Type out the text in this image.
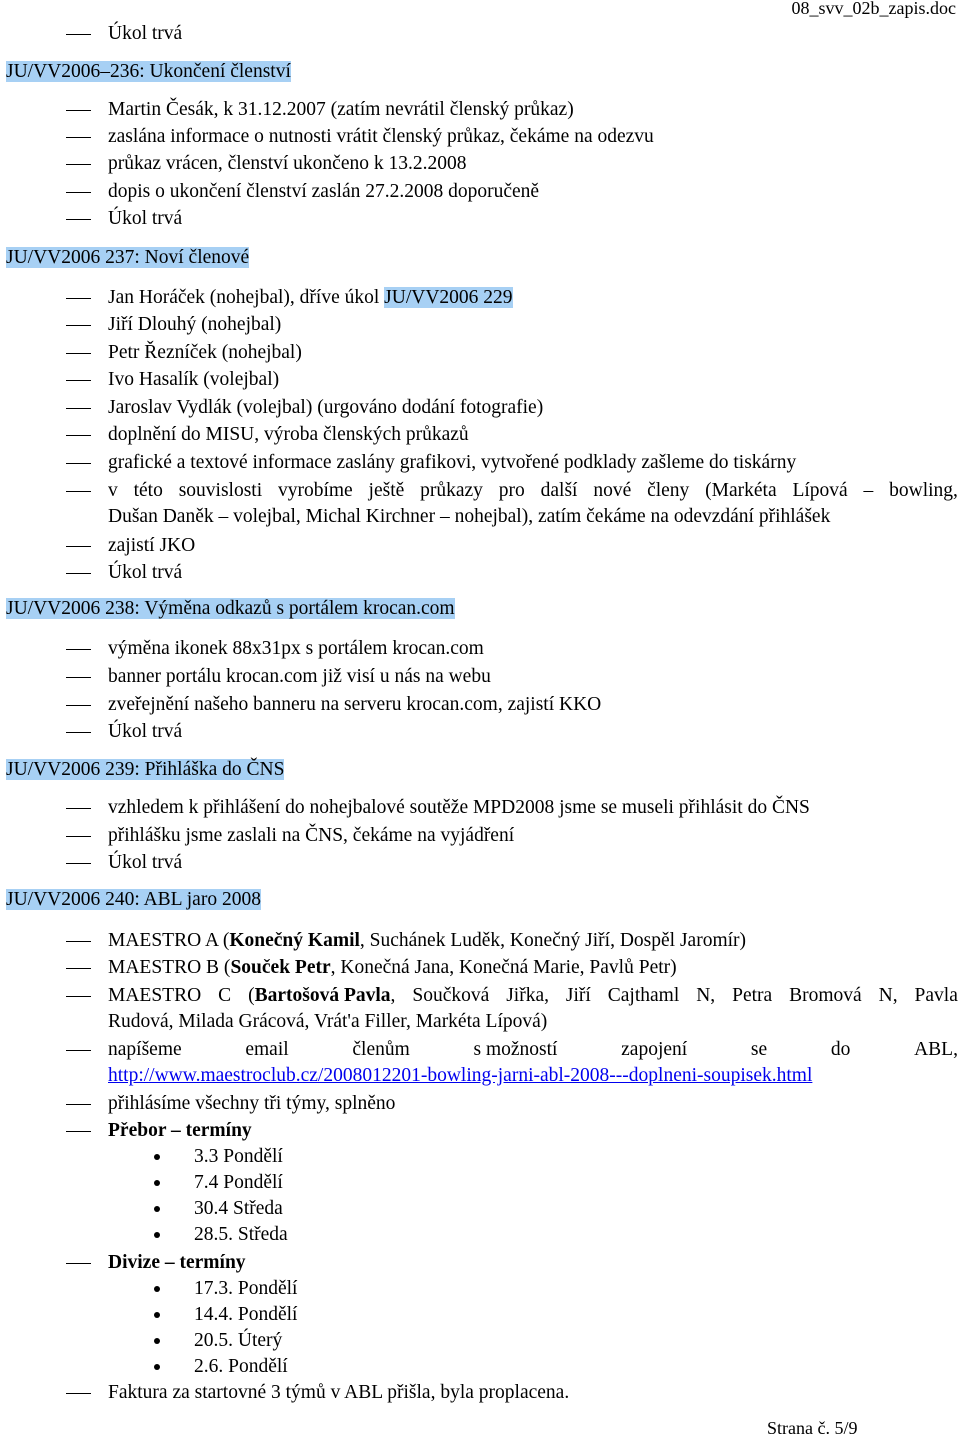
08_svv_02b_zapis.doc
Úkol trvá
JU/VV2006–236: Ukončení členství
Martin Česák, k 31.12.2007 (zatím nevrátil členský průkaz)
zaslána informace o nutnosti vrátit členský průkaz, čekáme na odezvu
průkaz vrácen, členství ukončeno k 13.2.2008
dopis o ukončení členství zaslán 27.2.2008 doporučeně
Úkol trvá
JU/VV2006 237: Noví členové
Jan Horáček (nohejbal), dříve úkol JU/VV2006 229
Jiří Dlouhý (nohejbal)
Petr Řezníček (nohejbal)
Ivo Hasalík (volejbal)
Jaroslav Vydlák (volejbal) (urgováno dodání fotografie)
doplnění do MISU, výroba členských průkazů
grafické a textové informace zaslány grafikovi, vytvořené podklady zašleme do tiskárny
v této souvislosti vyrobíme ještě průkazy pro další nové členy (Markéta Lípová – bowling,
Dušan Daněk – volejbal, Michal Kirchner – nohejbal), zatím čekáme na odevzdání přihlášek
zajistí JKO
Úkol trvá
JU/VV2006 238: Výměna odkazů s portálem krocan.com
výměna ikonek 88x31px s portálem krocan.com
banner portálu krocan.com již visí u nás na webu
zveřejnění našeho banneru na serveru krocan.com, zajistí KKO
Úkol trvá
JU/VV2006 239: Přihláška do ČNS
vzhledem k přihlášení do nohejbalové soutěže MPD2008 jsme se museli přihlásit do ČNS
přihlášku jsme zaslali na ČNS, čekáme na vyjádření
Úkol trvá
JU/VV2006 240: ABL jaro 2008
MAESTRO A (Konečný Kamil, Suchánek Luděk, Konečný Jiří, Dospěl Jaromír)
MAESTRO B (Souček Petr, Konečná Jana, Konečná Marie, Pavlů Petr)
MAESTRO C (Bartošová Pavla, Součková Jiřka, Jiří Cajthaml N, Petra Bromová N, Pavla
Rudová, Milada Grácová, Vrát'a Filler, Markéta Lípová)
napíšeme	email	členům	s možností	zapojení	se	do	ABL,
http://www.maestroclub.cz/2008012201-bowling-jarni-abl-2008---doplneni-soupisek.html
přihlásíme všechny tři týmy, splněno
Přebor – termíny
3.3 Pondělí
7.4 Pondělí
30.4 Středa
28.5. Středa
Divize – termíny
17.3. Pondělí
14.4. Pondělí
20.5. Úterý
2.6. Pondělí
Faktura za startovné 3 týmů v ABL přišla, byla proplacena.
Strana č. 5/9
